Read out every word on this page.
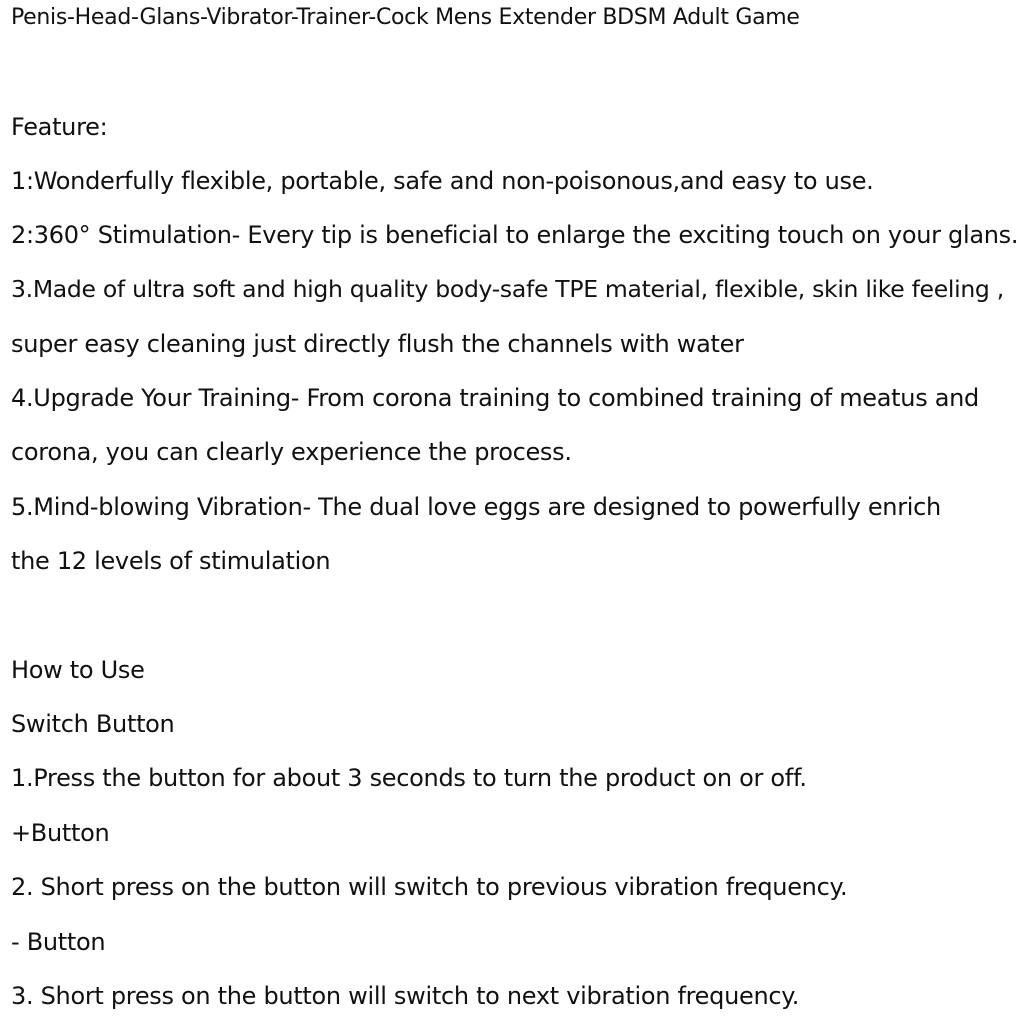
Penis-Head-Glans-Vibrator-Trainer-Cock Mens Extender BDSM Adult Game
Feature:
1:Wonderfully flexible, portable, safe and non-poisonous,and easy to use.
2:360° Stimulation- Every tip is beneficial to enlarge the exciting touch on your glans.
3.Made of ultra soft and high quality body-safe TPE material, flexible, skin like feeling ,
super easy cleaning just directly flush the channels with water
4.Upgrade Your Training- From corona training to combined training of meatus and
corona, you can clearly experience the process.
5.Mind-blowing Vibration- The dual love eggs are designed to powerfully enrich
the 12 levels of stimulation
How to Use
Switch Button
1.Press the button for about 3 seconds to turn the product on or off.
+Button
2. Short press on the button will switch to previous vibration frequency.
- Button
3. Short press on the button will switch to next vibration frequency.
